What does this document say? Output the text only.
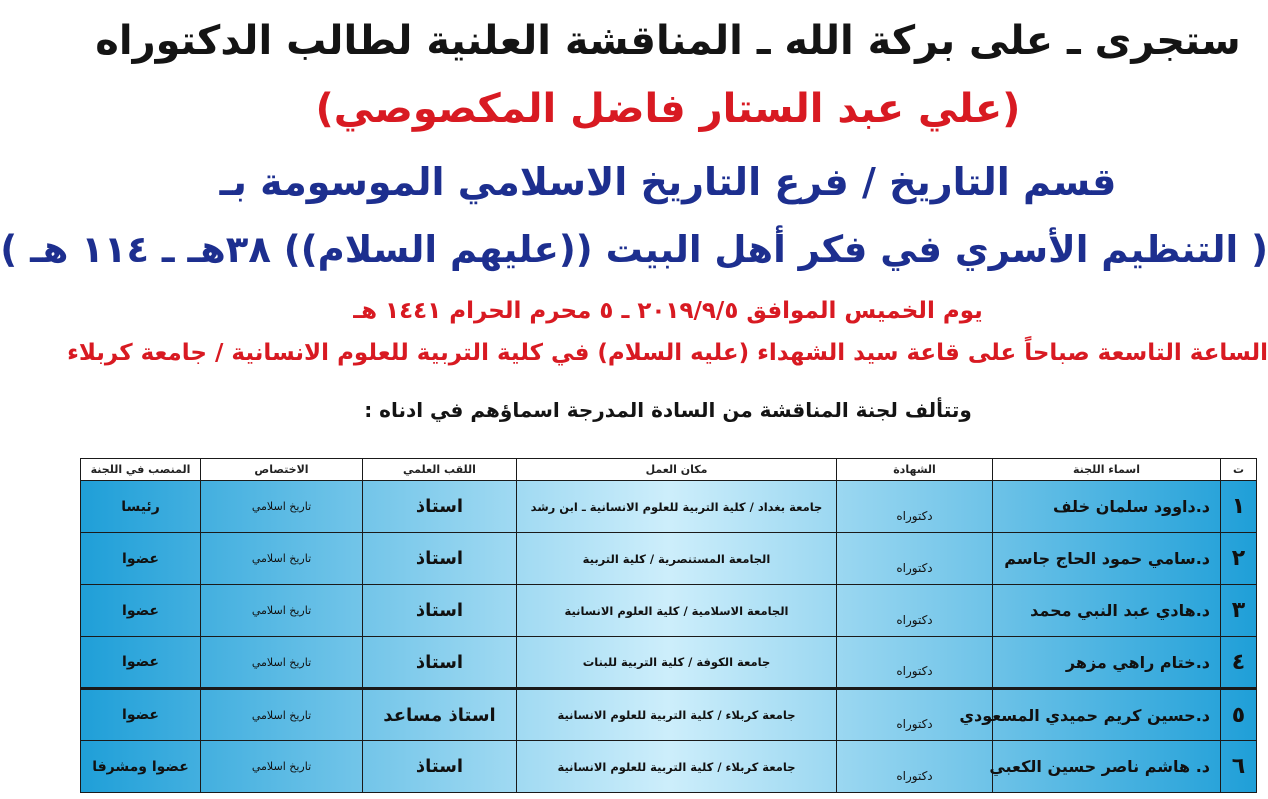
ستجرى ـ على بركة الله ـ المناقشة العلنية لطالب الدكتوراه
(علي عبد الستار فاضل المكصوصي)
قسم التاريخ / فرع التاريخ الاسلامي الموسومة بـ
( التنظيم الأسري في فكر أهل البيت ((عليهم السلام)) ٣٨هـ ـ ١١٤ هـ )
يوم الخميس الموافق ٢٠١٩/٩/٥ ـ ٥ محرم الحرام ١٤٤١ هـ
الساعة التاسعة صباحاً على قاعة سيد الشهداء (عليه السلام) في كلية التربية للعلوم الانسانية / جامعة كربلاء
وتتألف لجنة المناقشة من السادة المدرجة اسماؤهم في ادناه :
ت	اسماء اللجنة	الشهادة	مكان العمل	اللقب العلمي	الاختصاص	المنصب في اللجنة
١	د.داوود سلمان خلف	دكتوراه	جامعة بغداد / كلية التربية للعلوم الانسانية ـ ابن رشد	استاذ	تاريخ اسلامي	رئيسا
٢	د.سامي حمود الحاج جاسم	دكتوراه	الجامعة المستنصرية / كلية التربية	استاذ	تاريخ اسلامي	عضوا
٣	د.هادي عبد النبي محمد	دكتوراه	الجامعة الاسلامية / كلية العلوم الانسانية	استاذ	تاريخ اسلامي	عضوا
٤	د.ختام راهي مزهر	دكتوراه	جامعة الكوفة / كلية التربية للبنات	استاذ	تاريخ اسلامي	عضوا
٥	د.حسين كريم حميدي المسعودي	دكتوراه	جامعة كربلاء / كلية التربية للعلوم الانسانية	استاذ مساعد	تاريخ اسلامي	عضوا
٦	د. هاشم ناصر حسين الكعبي	دكتوراه	جامعة كربلاء / كلية التربية للعلوم الانسانية	استاذ	تاريخ اسلامي	عضوا ومشرفا
